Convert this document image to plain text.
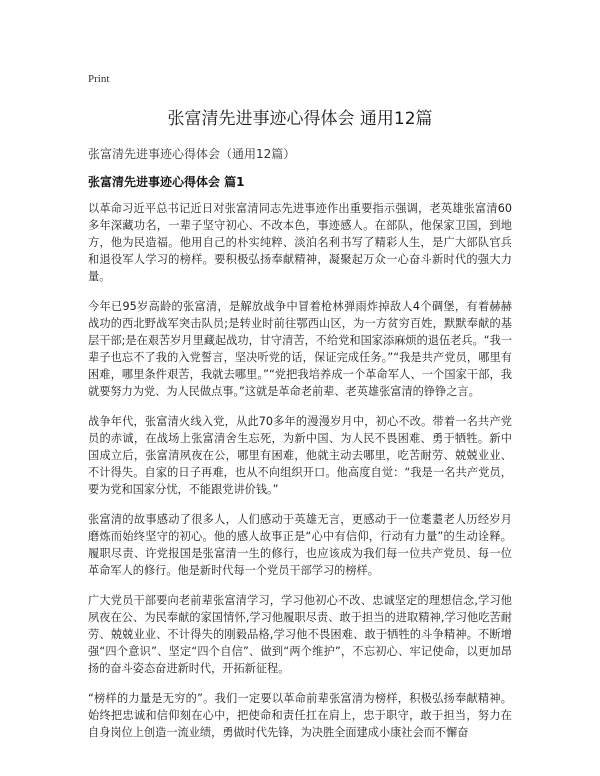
Print
张富清先进事迹心得体会 通用12篇
张富清先进事迹心得体会（通用12篇）
张富清先进事迹心得体会 篇1

以革命习近平总书记近日对张富清同志先进事迹作出重要指示强调，老英雄张富清60多年深藏功名，一辈子坚守初心、不改本色，事迹感人。在部队，他保家卫国，到地方，他为民造福。他用自己的朴实纯粹、淡泊名利书写了精彩人生，是广大部队官兵和退役军人学习的榜样。要积极弘扬奉献精神，凝聚起万众一心奋斗新时代的强大力量。

今年已95岁高龄的张富清，是解放战争中冒着枪林弹雨炸掉敌人4个碉堡，有着赫赫战功的西北野战军突击队员;是转业时前往鄂西山区，为一方贫穷百姓，默默奉献的基层干部;是在艰苦岁月里藏起战功，甘守清苦，不给党和国家添麻烦的退伍老兵。“我一辈子也忘不了我的入党誓言，坚决听党的话，保证完成任务。”“我是共产党员，哪里有困难，哪里条件艰苦，我就去哪里。”“党把我培养成一个革命军人、一个国家干部，我就要努力为党、为人民做点事。”这就是革命老前辈、老英雄张富清的铮铮之言。

战争年代，张富清火线入党，从此70多年的漫漫岁月中，初心不改。带着一名共产党员的赤诚，在战场上张富清舍生忘死，为新中国、为人民不畏困难、勇于牺牲。新中国成立后，张富清夙夜在公，哪里有困难，他就主动去哪里，吃苦耐劳、兢兢业业、不计得失。自家的日子再难，也从不向组织开口。他高度自觉：“我是一名共产党员，要为党和国家分忧，不能跟党讲价钱。”

张富清的故事感动了很多人，人们感动于英雄无言，更感动于一位耄耋老人历经岁月磨炼而始终坚守的初心。他的感人故事正是“心中有信仰，行动有力量”的生动诠释。履职尽责、许党报国是张富清一生的修行，也应该成为我们每一位共产党员、每一位革命军人的修行。他是新时代每一个党员干部学习的榜样。

广大党员干部要向老前辈张富清学习，学习他初心不改、忠诚坚定的理想信念,学习他夙夜在公、为民奉献的家国情怀,学习他履职尽责、敢于担当的进取精神,学习他吃苦耐劳、兢兢业业、不计得失的刚毅品格,学习他不畏困难、敢于牺牲的斗争精神。不断增强“四个意识”、坚定“四个自信”、做到“两个维护”，不忘初心、牢记使命，以更加昂扬的奋斗姿态奋进新时代，开拓新征程。

“榜样的力量是无穷的”。我们一定要以革命前辈张富清为榜样，积极弘扬奉献精神。始终把忠诚和信仰刻在心中，把使命和责任扛在肩上，忠于职守，敢于担当，努力在自身岗位上创造一流业绩，勇做时代先锋，为决胜全面建成小康社会而不懈奋
